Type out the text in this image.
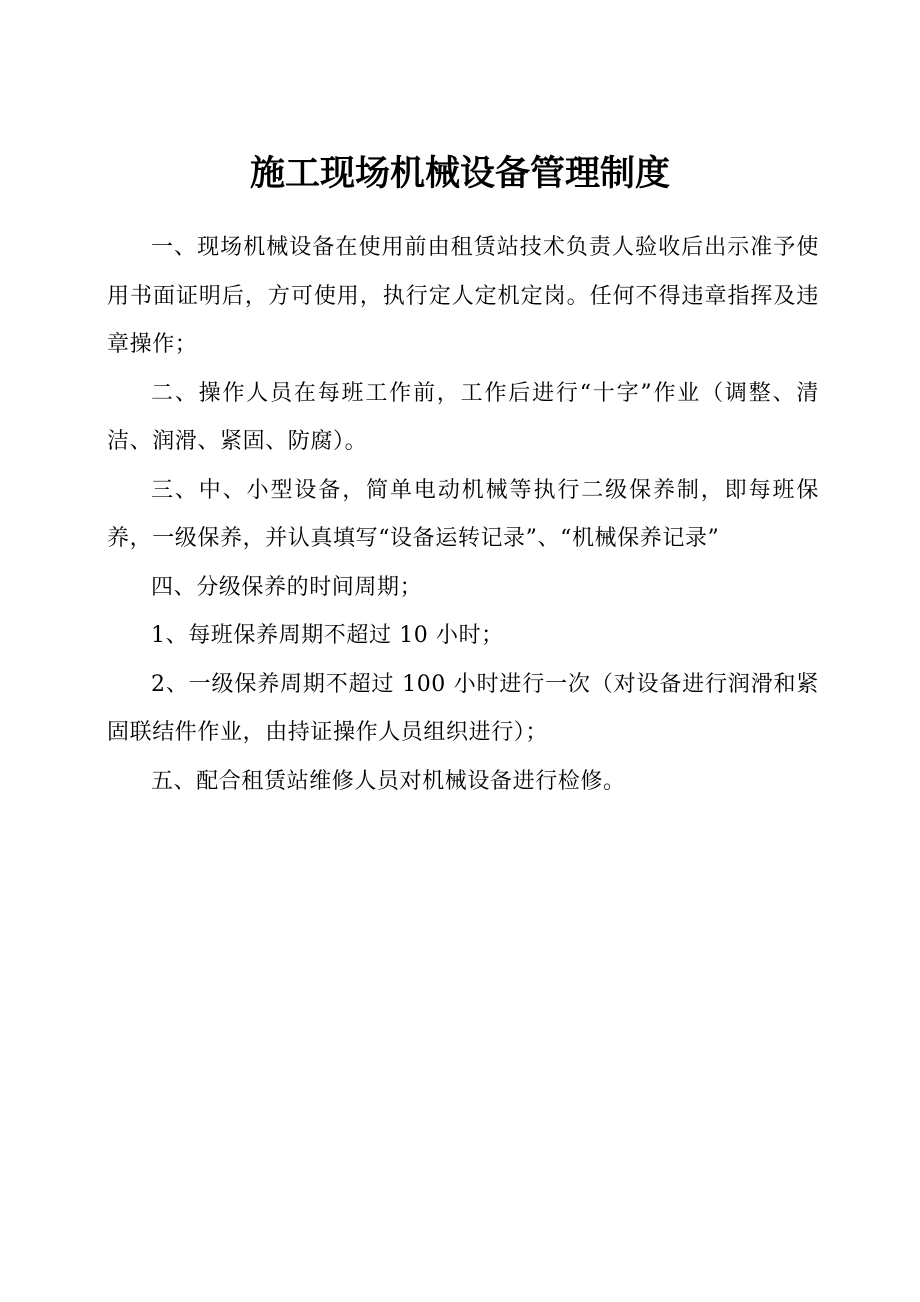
施工现场机械设备管理制度

一、现场机械设备在使用前由租赁站技术负责人验收后出示准予使用书面证明后，方可使用，执行定人定机定岗。任何不得违章指挥及违章操作；

二、操作人员在每班工作前，工作后进行“十字”作业（调整、清洁、润滑、紧固、防腐）。

三、中、小型设备，简单电动机械等执行二级保养制，即每班保养，一级保养，并认真填写“设备运转记录”、“机械保养记录”

四、分级保养的时间周期；

1、每班保养周期不超过 10 小时；

2、一级保养周期不超过 100 小时进行一次（对设备进行润滑和紧固联结件作业，由持证操作人员组织进行）；

五、配合租赁站维修人员对机械设备进行检修。
